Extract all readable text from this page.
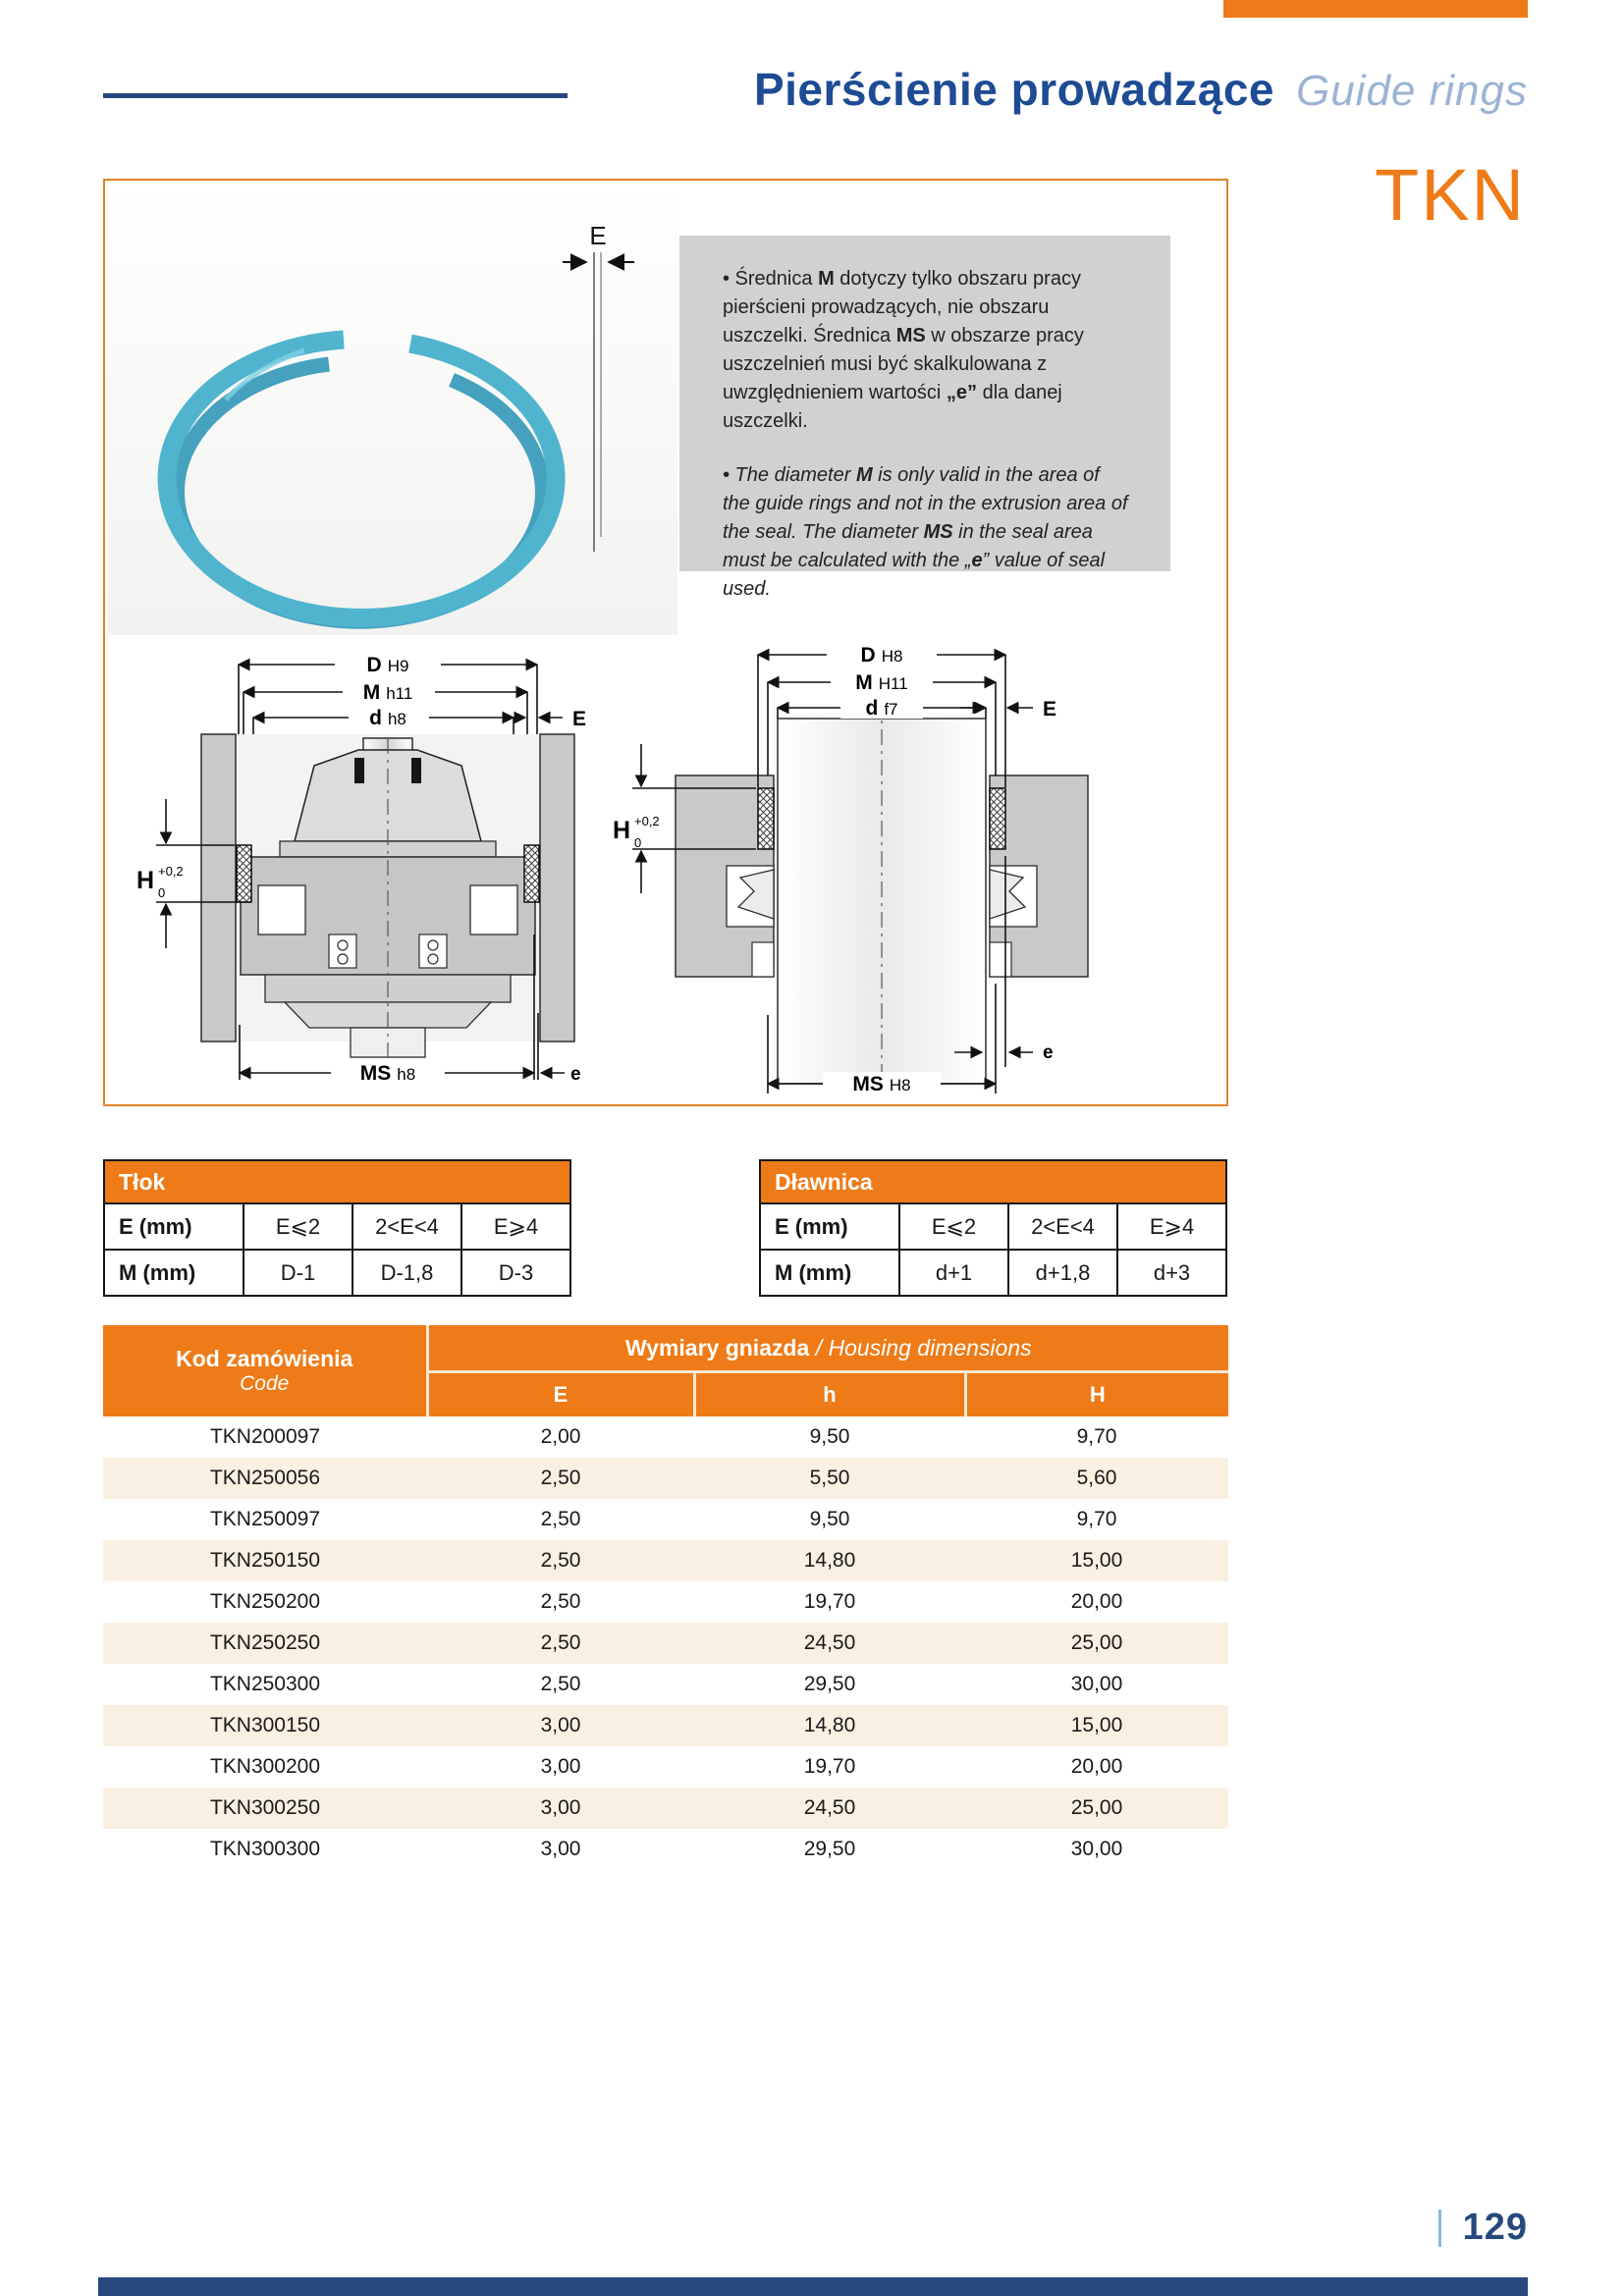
Pierścienie prowadzące Guide rings
TKN
E

• Średnica M dotyczy tylko obszaru pracy pierścieni prowadzących, nie obszaru uszczelki. Średnica MS w obszarze pracy uszczelnień musi być skalkulowana z uwzględnieniem wartości „e” dla danej uszczelki.

• The diameter M is only valid in the area of the guide rings and not in the extrusion area of the seal. The diameter MS in the seal area must be calculated with the „e” value of seal used.

D H9
M h11
d h8	E
H +0,2
0
MS h8	e
D H8
M H11
d f7	E
H +0,2
0
e
MS H8
Tłok			
E (mm)	E⩽2	2<E<4	E⩾4
M (mm)	D-1	D-1,8	D-3
Dławnica			
E (mm)	E⩽2	2<E<4	E⩾4
M (mm)	d+1	d+1,8	d+3
Kod zamówienia
Code	Wymiary gniazda / Housing dimensions		
	E	h	H
TKN200097	2,00	9,50	9,70
TKN250056	2,50	5,50	5,60
TKN250097	2,50	9,50	9,70
TKN250150	2,50	14,80	15,00
TKN250200	2,50	19,70	20,00
TKN250250	2,50	24,50	25,00
TKN250300	2,50	29,50	30,00
TKN300150	3,00	14,80	15,00
TKN300200	3,00	19,70	20,00
TKN300250	3,00	24,50	25,00
TKN300300	3,00	29,50	30,00
129
